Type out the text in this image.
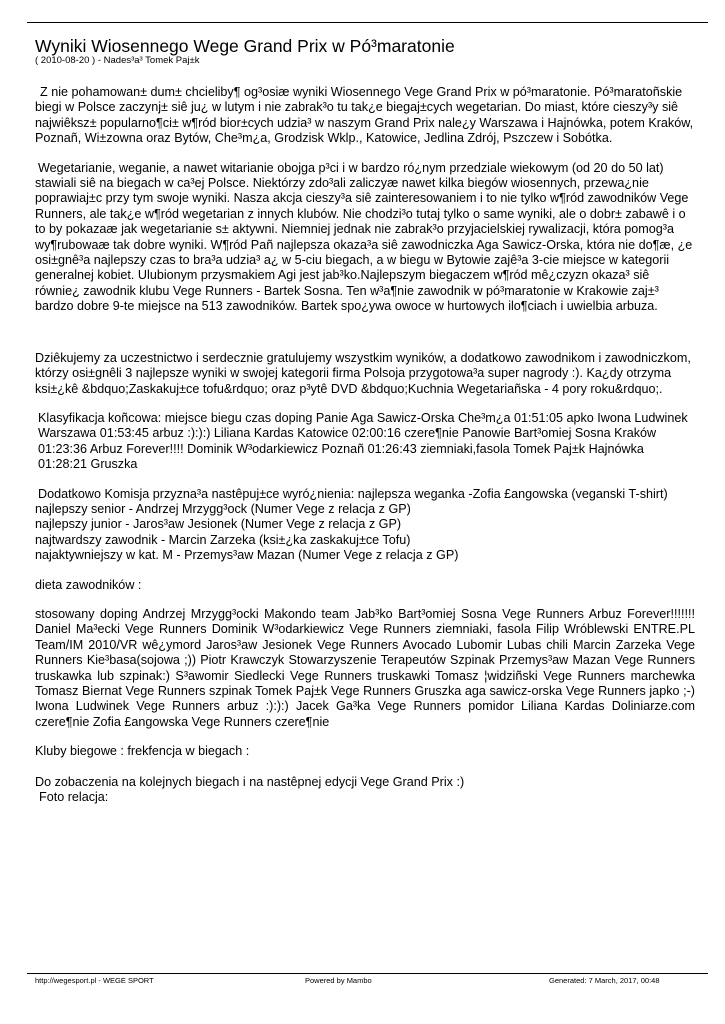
Wyniki Wiosennego Wege Grand Prix w Pó³maratonie
( 2010-08-20 ) - Nades³a³ Tomek Paj±k

Z nie pohamowan± dum± chcieliby¶ og³osiæ wyniki Wiosennego Vege Grand Prix w pó³maratonie. Pó³maratoñskie biegi w Polsce zaczynj± siê ju¿ w lutym i nie zabrak³o tu tak¿e biegaj±cych wegetarian. Do miast, które cieszy³y siê najwiêksz± popularno¶ci± w¶ród bior±cych udzia³ w naszym Grand Prix nale¿y Warszawa i Hajnówka, potem Kraków, Poznañ, Wi±zowna oraz Bytów, Che³m¿a, Grodzisk Wklp., Katowice, Jedlina Zdrój, Pszczew i Sobótka.

Wegetarianie, weganie, a nawet witarianie obojga p³ci i w bardzo ró¿nym przedziale wiekowym (od 20 do 50 lat) stawiali siê na biegach w ca³ej Polsce. Niektórzy zdo³ali zaliczyæ nawet kilka biegów wiosennych, przewa¿nie poprawiaj±c przy tym swoje wyniki. Nasza akcja cieszy³a siê zainteresowaniem i to nie tylko w¶ród zawodników Vege Runners, ale tak¿e w¶ród wegetarian z innych klubów. Nie chodzi³o tutaj tylko o same wyniki, ale o dobr± zabawê i o to by pokazaæ jak wegetarianie s± aktywni. Niemniej jednak nie zabrak³o przyjacielskiej rywalizacji, która pomog³a wy¶rubowaæ tak dobre wyniki. W¶ród Pañ najlepsza okaza³a siê zawodniczka Aga Sawicz-Orska, która nie do¶æ, ¿e osi±gnê³a najlepszy czas to bra³a udzia³ a¿ w 5-ciu biegach, a w biegu w Bytowie zajê³a 3-cie miejsce w kategorii generalnej kobiet. Ulubionym przysmakiem Agi jest jab³ko.Najlepszym biegaczem w¶ród mê¿czyzn okaza³ siê równie¿ zawodnik klubu Vege Runners - Bartek Sosna. Ten w³a¶nie zawodnik w pó³maratonie w Krakowie zaj±³ bardzo dobre 9-te miejsce na 513 zawodników. Bartek spo¿ywa owoce w hurtowych ilo¶ciach i uwielbia arbuza.

Dziêkujemy za uczestnictwo i serdecznie gratulujemy wszystkim wyników, a dodatkowo zawodnikom i zawodniczkom, którzy osi±gnêli 3 najlepsze wyniki w swojej kategorii firma Polsoja przygotowa³a super nagrody :). Ka¿dy otrzyma ksi±¿kê &bdquo;Zaskakuj±ce tofu&rdquo; oraz p³ytê DVD &bdquo;Kuchnia Wegetariañska - 4 pory roku&rdquo;.

Klasyfikacja koñcowa: miejsce biegu czas doping Panie Aga Sawicz-Orska Che³m¿a 01:51:05 apko Iwona Ludwinek Warszawa 01:53:45 arbuz :):):) Liliana Kardas Katowice 02:00:16 czere¶nie Panowie Bart³omiej Sosna Kraków 01:23:36 Arbuz Forever!!!! Dominik W³odarkiewicz Poznañ 01:26:43 ziemniaki,fasola Tomek Paj±k Hajnówka 01:28:21 Gruszka

Dodatkowo Komisja przyzna³a nastêpuj±ce wyró¿nienia: najlepsza weganka -Zofia £angowska (veganski T-shirt)
najlepszy senior - Andrzej Mrzygg³ock (Numer Vege z relacja z GP)
najlepszy junior - Jaros³aw Jesionek (Numer Vege z relacja z GP)
najtwardszy zawodnik - Marcin Zarzeka (ksi±¿ka zaskakuj±ce Tofu)
najaktywniejszy w kat. M - Przemys³aw Mazan (Numer Vege z relacja z GP)

dieta zawodników :

stosowany doping Andrzej Mrzygg³ocki Makondo team Jab³ko Bart³omiej Sosna Vege Runners Arbuz Forever!!!!!!! Daniel Ma³ecki Vege Runners Dominik W³odarkiewicz Vege Runners ziemniaki, fasola Filip Wróblewski ENTRE.PL Team/IM 2010/VR wê¿ymord Jaros³aw Jesionek Vege Runners Avocado Lubomir Lubas chili Marcin Zarzeka Vege Runners Kie³basa(sojowa ;)) Piotr Krawczyk Stowarzyszenie Terapeutów Szpinak Przemys³aw Mazan Vege Runners truskawka lub szpinak:) S³awomir Siedlecki Vege Runners truskawki Tomasz ¦widziñski Vege Runners marchewka Tomasz Biernat Vege Runners szpinak Tomek Paj±k Vege Runners Gruszka aga sawicz-orska Vege Runners japko ;-) Iwona Ludwinek Vege Runners arbuz :):):) Jacek Ga³ka Vege Runners pomidor Liliana Kardas Doliniarze.com czere¶nie Zofia £angowska Vege Runners czere¶nie

Kluby biegowe : frekfencja w biegach :

Do zobaczenia na kolejnych biegach i na nastêpnej edycji Vege Grand Prix :)

Foto relacja:

http://wegesport.pl - WEGE SPORT	Powered by Mambo	Generated: 7 March, 2017, 00:48
